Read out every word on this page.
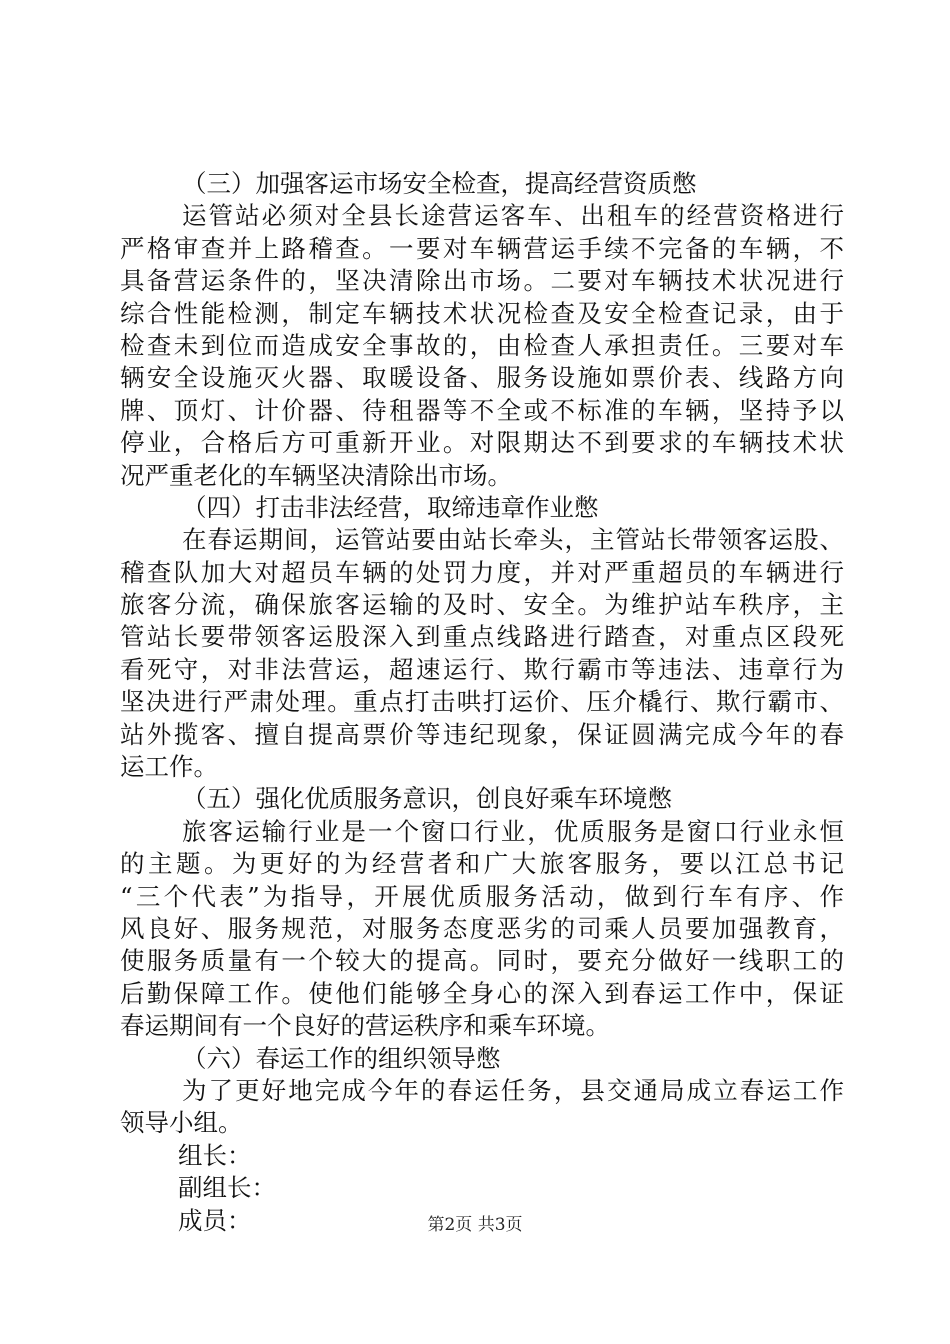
（三）加强客运市场安全检查，提高经营资质憋
运管站必须对全县长途营运客车、出租车的经营资格进行
严格审查并上路稽查。一要对车辆营运手续不完备的车辆，不
具备营运条件的，坚决清除出市场。二要对车辆技术状况进行
综合性能检测，制定车辆技术状况检查及安全检查记录，由于
检查未到位而造成安全事故的，由检查人承担责任。三要对车
辆安全设施灭火器、取暖设备、服务设施如票价表、线路方向
牌、顶灯、计价器、待租器等不全或不标准的车辆，坚持予以
停业，合格后方可重新开业。对限期达不到要求的车辆技术状
况严重老化的车辆坚决清除出市场。
（四）打击非法经营，取缔违章作业憋
在春运期间，运管站要由站长牵头，主管站长带领客运股、
稽查队加大对超员车辆的处罚力度，并对严重超员的车辆进行
旅客分流，确保旅客运输的及时、安全。为维护站车秩序，主
管站长要带领客运股深入到重点线路进行踏查，对重点区段死
看死守，对非法营运，超速运行、欺行霸市等违法、违章行为
坚决进行严肃处理。重点打击哄打运价、压介橇行、欺行霸市、
站外揽客、擅自提高票价等违纪现象，保证圆满完成今年的春
运工作。
（五）强化优质服务意识，创良好乘车环境憋
旅客运输行业是一个窗口行业，优质服务是窗口行业永恒
的主题。为更好的为经营者和广大旅客服务，要以江总书记
“三个代表”为指导，开展优质服务活动，做到行车有序、作
风良好、服务规范，对服务态度恶劣的司乘人员要加强教育，
使服务质量有一个较大的提高。同时，要充分做好一线职工的
后勤保障工作。使他们能够全身心的深入到春运工作中，保证
春运期间有一个良好的营运秩序和乘车环境。
（六）春运工作的组织领导憋
为了更好地完成今年的春运任务，县交通局成立春运工作
领导小组。
组长：
副组长：
成员：	第2页 共3页
